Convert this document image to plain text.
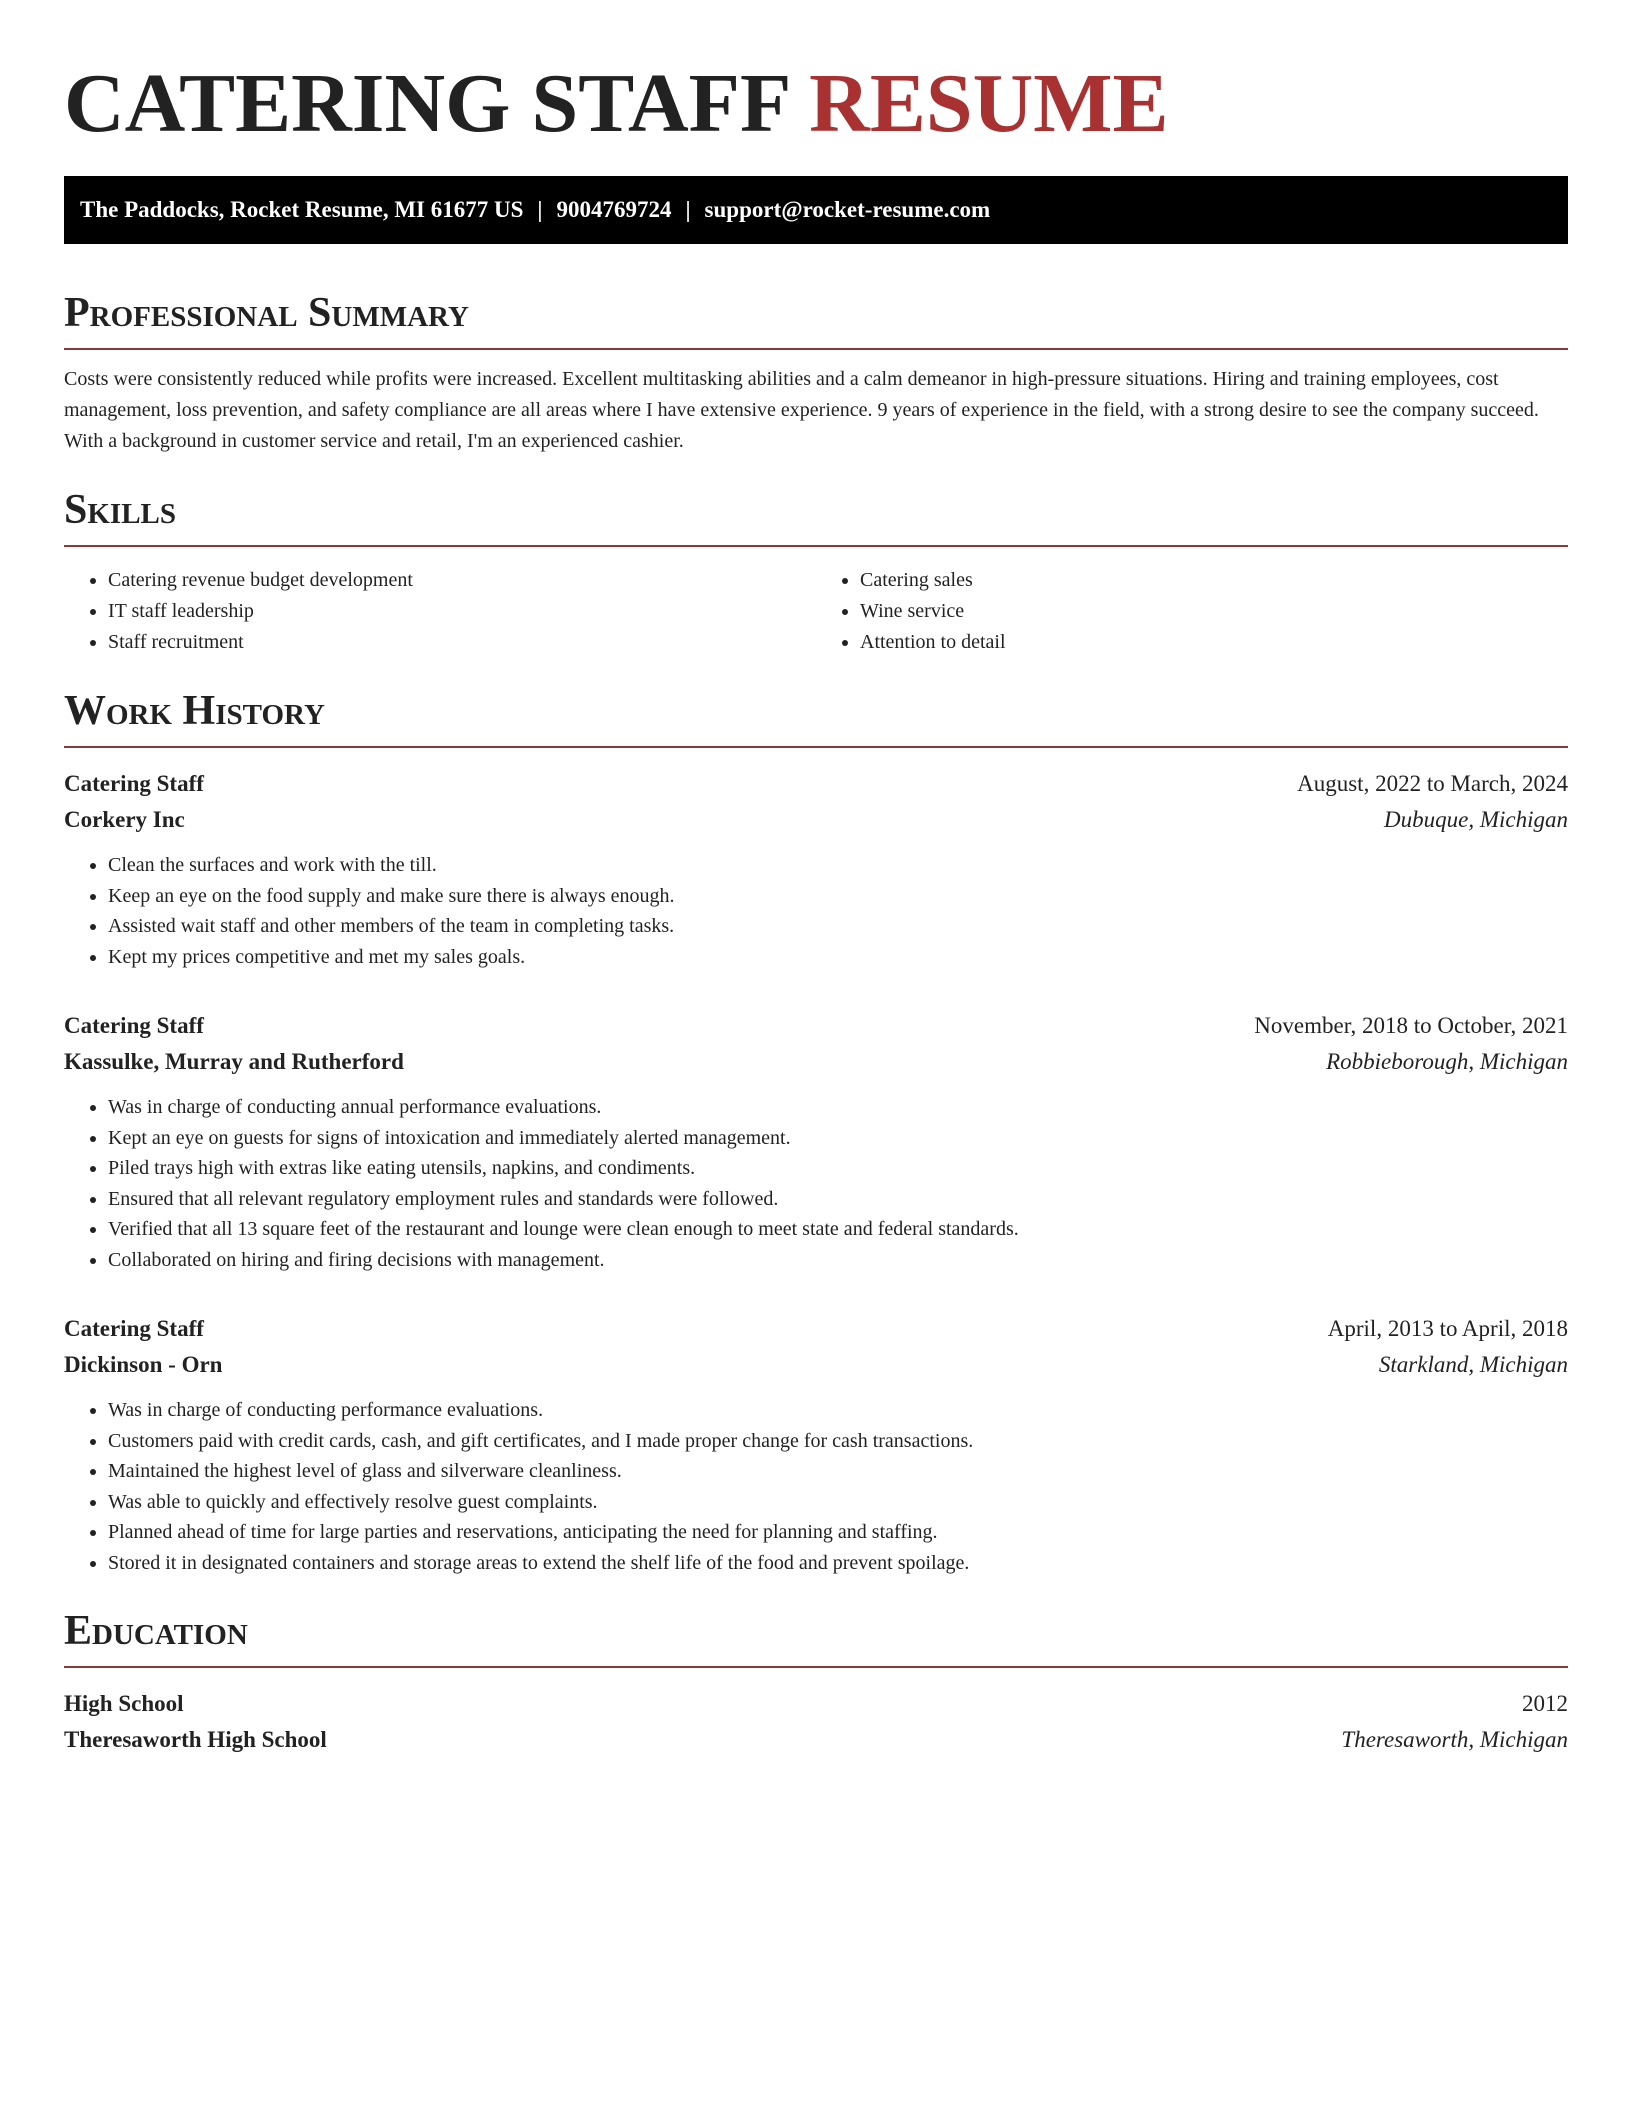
CATERING STAFF RESUME
The Paddocks, Rocket Resume, MI 61677 US | 9004769724 | support@rocket-resume.com
Professional Summary

Costs were consistently reduced while profits were increased. Excellent multitasking abilities and a calm demeanor in high-pressure situations. Hiring and training employees, cost management, loss prevention, and safety compliance are all areas where I have extensive experience. 9 years of experience in the field, with a strong desire to see the company succeed. With a background in customer service and retail, I'm an experienced cashier.

Skills
• Catering revenue budget development
• IT staff leadership
• Staff recruitment
• Catering sales
• Wine service
• Attention to detail
Work History
Catering Staff	August, 2022 to March, 2024
Corkery Inc	Dubuque, Michigan
• Clean the surfaces and work with the till.
• Keep an eye on the food supply and make sure there is always enough.
• Assisted wait staff and other members of the team in completing tasks.
• Kept my prices competitive and met my sales goals.
Catering Staff	November, 2018 to October, 2021
Kassulke, Murray and Rutherford	Robbieborough, Michigan
• Was in charge of conducting annual performance evaluations.
• Kept an eye on guests for signs of intoxication and immediately alerted management.
• Piled trays high with extras like eating utensils, napkins, and condiments.
• Ensured that all relevant regulatory employment rules and standards were followed.
• Verified that all 13 square feet of the restaurant and lounge were clean enough to meet state and federal standards.
• Collaborated on hiring and firing decisions with management.
Catering Staff	April, 2013 to April, 2018
Dickinson - Orn	Starkland, Michigan
• Was in charge of conducting performance evaluations.
• Customers paid with credit cards, cash, and gift certificates, and I made proper change for cash transactions.
• Maintained the highest level of glass and silverware cleanliness.
• Was able to quickly and effectively resolve guest complaints.
• Planned ahead of time for large parties and reservations, anticipating the need for planning and staffing.
• Stored it in designated containers and storage areas to extend the shelf life of the food and prevent spoilage.
Education
High School	2012
Theresaworth High School	Theresaworth, Michigan
